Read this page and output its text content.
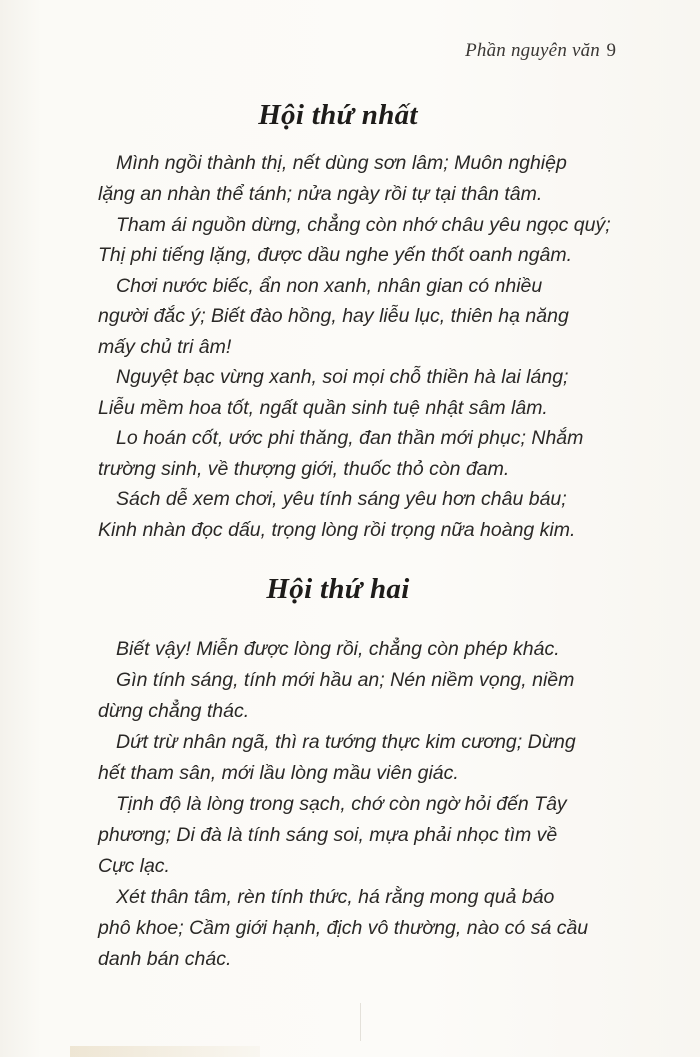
Phần nguyên văn 9
Hội thứ nhất
Mình ngồi thành thị, nết dùng sơn lâm; Muôn nghiệp
lặng an nhàn thể tánh; nửa ngày rồi tự tại thân tâm.
Tham ái nguồn dừng, chẳng còn nhớ châu yêu ngọc quý;
Thị phi tiếng lặng, được dầu nghe yến thốt oanh ngâm.
Chơi nước biếc, ẩn non xanh, nhân gian có nhiều
người đắc ý; Biết đào hồng, hay liễu lục, thiên hạ năng
mấy chủ tri âm!
Nguyệt bạc vừng xanh, soi mọi chỗ thiền hà lai láng;
Liễu mềm hoa tốt, ngất quần sinh tuệ nhật sâm lâm.
Lo hoán cốt, ước phi thăng, đan thần mới phục; Nhắm
trường sinh, về thượng giới, thuốc thỏ còn đam.
Sách dễ xem chơi, yêu tính sáng yêu hơn châu báu;
Kinh nhàn đọc dấu, trọng lòng rồi trọng nữa hoàng kim.
Hội thứ hai
Biết vậy! Miễn được lòng rồi, chẳng còn phép khác.
Gìn tính sáng, tính mới hầu an; Nén niềm vọng, niềm
dừng chẳng thác.
Dứt trừ nhân ngã, thì ra tướng thực kim cương; Dừng
hết tham sân, mới lầu lòng mầu viên giác.
Tịnh độ là lòng trong sạch, chớ còn ngờ hỏi đến Tây
phương; Di đà là tính sáng soi, mựa phải nhọc tìm về
Cực lạc.
Xét thân tâm, rèn tính thức, há rằng mong quả báo
phô khoe; Cầm giới hạnh, địch vô thường, nào có sá cầu
danh bán chác.
